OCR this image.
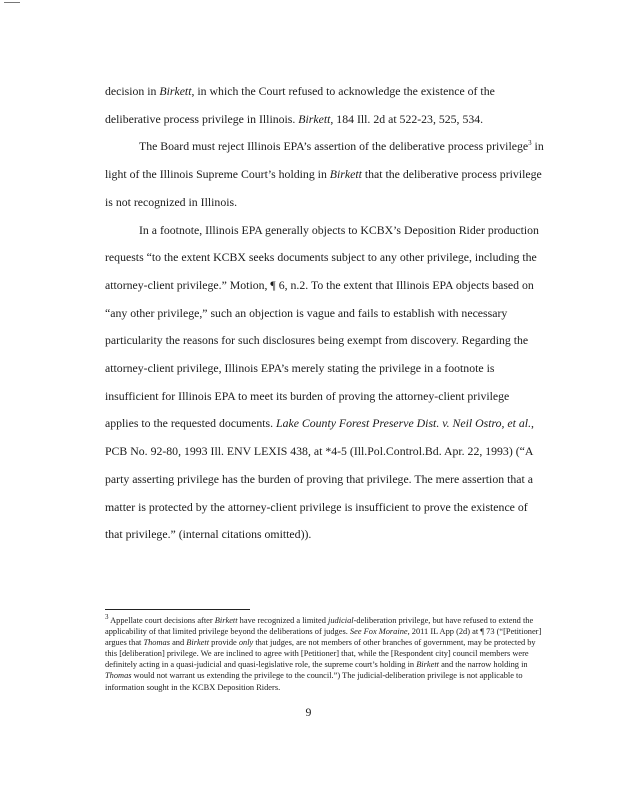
decision in Birkett, in which the Court refused to acknowledge the existence of the deliberative process privilege in Illinois. Birkett, 184 Ill. 2d at 522-23, 525, 534.

The Board must reject Illinois EPA’s assertion of the deliberative process privilege$^3$ in light of the Illinois Supreme Court’s holding in Birkett that the deliberative process privilege is not recognized in Illinois.

In a footnote, Illinois EPA generally objects to KCBX’s Deposition Rider production requests “to the extent KCBX seeks documents subject to any other privilege, including the attorney-client privilege.” Motion, ¶ 6, n.2. To the extent that Illinois EPA objects based on “any other privilege,” such an objection is vague and fails to establish with necessary particularity the reasons for such disclosures being exempt from discovery. Regarding the attorney-client privilege, Illinois EPA’s merely stating the privilege in a footnote is insufficient for Illinois EPA to meet its burden of proving the attorney-client privilege applies to the requested documents. Lake County Forest Preserve Dist. v. Neil Ostro, et al., PCB No. 92-80, 1993 Ill. ENV LEXIS 438, at *4-5 (Ill.Pol.Control.Bd. Apr. 22, 1993) (“A party asserting privilege has the burden of proving that privilege. The mere assertion that a matter is protected by the attorney-client privilege is insufficient to prove the existence of that privilege.” (internal citations omitted)).

$^3$ Appellate court decisions after Birkett have recognized a limited judicial-deliberation privilege, but have refused to extend the applicability of that limited privilege beyond the deliberations of judges. See Fox Moraine, 2011 IL App (2d) at ¶ 73 (“[Petitioner] argues that Thomas and Birkett provide only that judges, are not members of other branches of government, may be protected by this [deliberation] privilege. We are inclined to agree with [Petitioner] that, while the [Respondent city] council members were definitely acting in a quasi-judicial and quasi-legislative role, the supreme court’s holding in Birkett and the narrow holding in Thomas would not warrant us extending the privilege to the council.”) The judicial-deliberation privilege is not applicable to information sought in the KCBX Deposition Riders.

9
